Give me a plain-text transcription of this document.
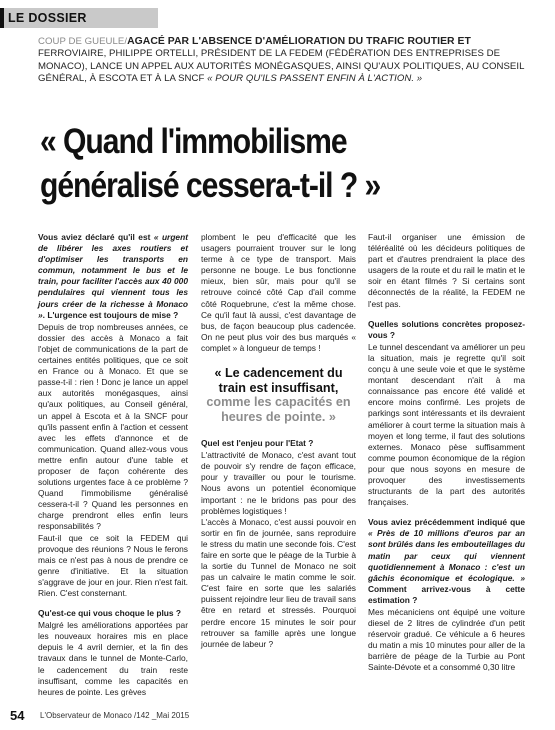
LE DOSSIER
COUP DE GUEULE/AGACÉ PAR L'ABSENCE D'AMÉLIORATION DU TRAFIC ROUTIER ET FERROVIAIRE, PHILIPPE ORTELLI, PRÉSIDENT DE LA FEDEM (FÉDÉRATION DES ENTREPRISES DE MONACO), LANCE UN APPEL AUX AUTORITÉS MONÉGASQUES, AINSI QU'AUX POLITIQUES, AU CONSEIL GÉNÉRAL, À ESCOTA ET À LA SNCF « POUR QU'ILS PASSENT ENFIN À L'ACTION. »
« Quand l'immobilisme
généralisé cessera-t-il ? »

Vous aviez déclaré qu'il est « urgent de libérer les axes routiers et d'optimiser les transports en commun, notamment le bus et le train, pour faciliter l'accès aux 40 000 pendulaires qui viennent tous les jours créer de la richesse à Monaco ». L'urgence est toujours de mise ?

Depuis de trop nombreuses années, ce dossier des accès à Monaco a fait l'objet de communications de la part de certaines entités politiques, que ce soit en France ou à Monaco. Et que se passe-t-il : rien ! Donc je lance un appel aux autorités monégasques, ainsi qu'aux politiques, au Conseil général, un appel à Escota et à la SNCF pour qu'ils passent enfin à l'action et cessent avec les effets d'annonce et de communication. Quand allez-vous vous mettre enfin autour d'une table et proposer de façon cohérente des solutions urgentes face à ce problème ? Quand l'immobilisme généralisé cessera-t-il ? Quand les personnes en charge prendront elles enfin leurs responsabilités ?

Faut-il que ce soit la FEDEM qui provoque des réunions ? Nous le ferons mais ce n'est pas à nous de prendre ce genre d'initiative. Et la situation s'aggrave de jour en jour. Rien n'est fait. Rien. C'est consternant.

Qu'est-ce qui vous choque le plus ?

Malgré les améliorations apportées par les nouveaux horaires mis en place depuis le 4 avril dernier, et la fin des travaux dans le tunnel de Monte-Carlo, le cadencement du train reste insuffisant, comme les capacités en heures de pointe. Les grèves

plombent le peu d'efficacité que les usagers pourraient trouver sur le long terme à ce type de transport. Mais personne ne bouge. Le bus fonctionne mieux, bien sûr, mais pour qu'il se retrouve coincé côté Cap d'ail comme côté Roquebrune, c'est la même chose. Ce qu'il faut là aussi, c'est davantage de bus, de façon beaucoup plus cadencée. On ne peut plus voir des bus marqués « complet » à longueur de temps !

« Le cadencement du train est insuffisant, comme les capacités en heures de pointe. »

Quel est l'enjeu pour l'Etat ?

L'attractivité de Monaco, c'est avant tout de pouvoir s'y rendre de façon efficace, pour y travailler ou pour le tourisme. Nous avons un potentiel économique important : ne le bridons pas pour des problèmes logistiques !

L'accès à Monaco, c'est aussi pouvoir en sortir en fin de journée, sans reproduire le stress du matin une seconde fois. C'est faire en sorte que le péage de la Turbie à la sortie du Tunnel de Monaco ne soit pas un calvaire le matin comme le soir. C'est faire en sorte que les salariés puissent rejoindre leur lieu de travail sans être en retard et stressés. Pourquoi perdre encore 15 minutes le soir pour retrouver sa famille après une longue journée de labeur ?

Faut-il organiser une émission de téléréalité où les décideurs politiques de part et d'autres prendraient la place des usagers de la route et du rail le matin et le soir en étant filmés ? Si certains sont déconnectés de la réalité, la FEDEM ne l'est pas.

Quelles solutions concrètes proposez-vous ?

Le tunnel descendant va améliorer un peu la situation, mais je regrette qu'il soit conçu à une seule voie et que le système montant descendant n'ait à ma connaissance pas encore été validé et encore moins confirmé. Les projets de parkings sont intéressants et ils devraient améliorer à court terme la situation mais à moyen et long terme, il faut des solutions externes. Monaco pèse suffisamment comme poumon économique de la région pour que nous soyons en mesure de provoquer des investissements structurants de la part des autorités françaises.

Vous aviez précédemment indiqué que « Près de 10 millions d'euros par an sont brûlés dans les embouteillages du matin par ceux qui viennent quotidiennement à Monaco : c'est un gâchis économique et écologique. » Comment arrivez-vous à cette estimation ?

Mes mécaniciens ont équipé une voiture diesel de 2 litres de cylindrée d'un petit réservoir gradué. Ce véhicule a 6 heures du matin a mis 10 minutes pour aller de la barrière de péage de la Turbie au Pont Sainte-Dévote et a consommé 0,30 litre

54 L'Observateur de Monaco /142 _Mai 2015
